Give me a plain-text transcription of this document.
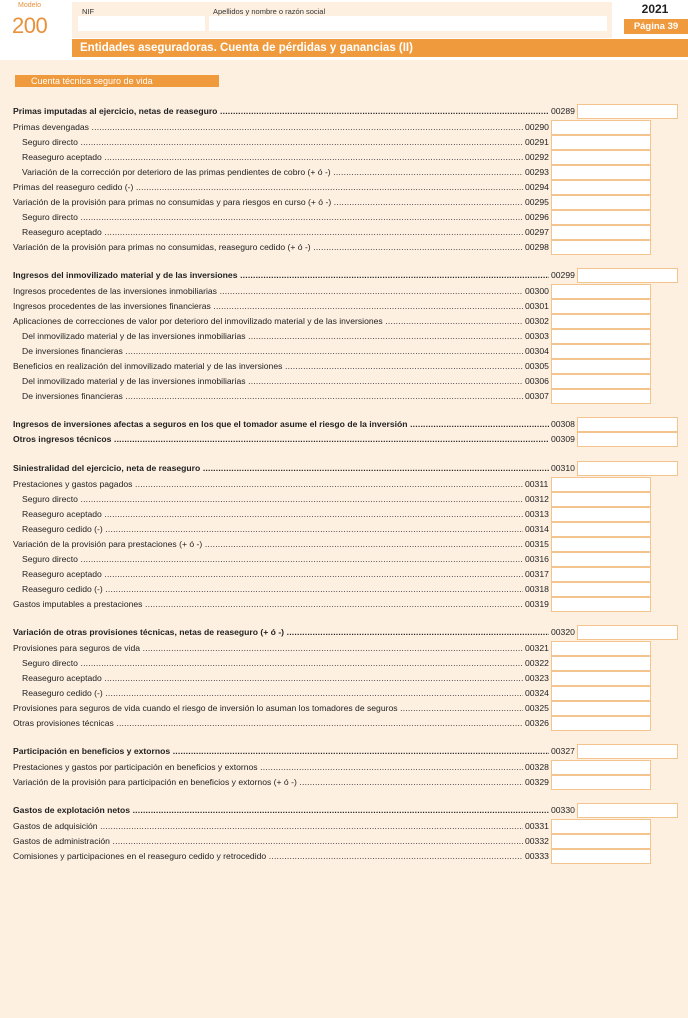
Modelo
200
NIF	Apellidos y nombre o razón social	2021
Página 39
Entidades aseguradoras. Cuenta de pérdidas y ganancias (II)
Cuenta técnica seguro de vida
Primas imputadas al ejercicio, netas de reaseguro .....	00289
Primas devengadas .....	00290
Seguro directo .....	00291
Reaseguro aceptado .....	00292
Variación de la corrección por deterioro de las primas pendientes de cobro (+ ó -) .....	00293
Primas del reaseguro cedido (-) .....	00294
Variación de la provisión para primas no consumidas y para riesgos en curso (+ ó -) .....	00295
Seguro directo .....	00296
Reaseguro aceptado .....	00297
Variación de la provisión para primas no consumidas, reaseguro cedido (+ ó -) .....	00298
Ingresos del inmovilizado material y de las inversiones .....	00299
Ingresos procedentes de las inversiones inmobiliarias .....	00300
Ingresos procedentes de las inversiones financieras .....	00301
Aplicaciones de correcciones de valor por deterioro del inmovilizado material y de las inversiones .....	00302
Del inmovilizado material y de las inversiones inmobiliarias .....	00303
De inversiones financieras .....	00304
Beneficios en realización del inmovilizado material y de las inversiones .....	00305
Del inmovilizado material y de las inversiones inmobiliarias .....	00306
De inversiones financieras .....	00307
Ingresos de inversiones afectas a seguros en los que el tomador asume el riesgo de la inversión .....	00308
Otros ingresos técnicos .....	00309
Siniestralidad del ejercicio, neta de reaseguro .....	00310
Prestaciones y gastos pagados .....	00311
Seguro directo .....	00312
Reaseguro aceptado .....	00313
Reaseguro cedido (-) .....	00314
Variación de la provisión para prestaciones (+ ó -) .....	00315
Seguro directo .....	00316
Reaseguro aceptado .....	00317
Reaseguro cedido (-) .....	00318
Gastos imputables a prestaciones .....	00319
Variación de otras provisiones técnicas, netas de reaseguro (+ ó -) .....	00320
Provisiones para seguros de vida .....	00321
Seguro directo .....	00322
Reaseguro aceptado .....	00323
Reaseguro cedido (-) .....	00324
Provisiones para seguros de vida cuando el riesgo de inversión lo asuman los tomadores de seguros .....	00325
Otras provisiones técnicas .....	00326
Participación en beneficios y extornos .....	00327
Prestaciones y gastos por participación en beneficios y extornos .....	00328
Variación de la provisión para participación en beneficios y extornos (+ ó -) .....	00329
Gastos de explotación netos .....	00330
Gastos de adquisición .....	00331
Gastos de administración .....	00332
Comisiones y participaciones en el reaseguro cedido y retrocedido .....	00333
